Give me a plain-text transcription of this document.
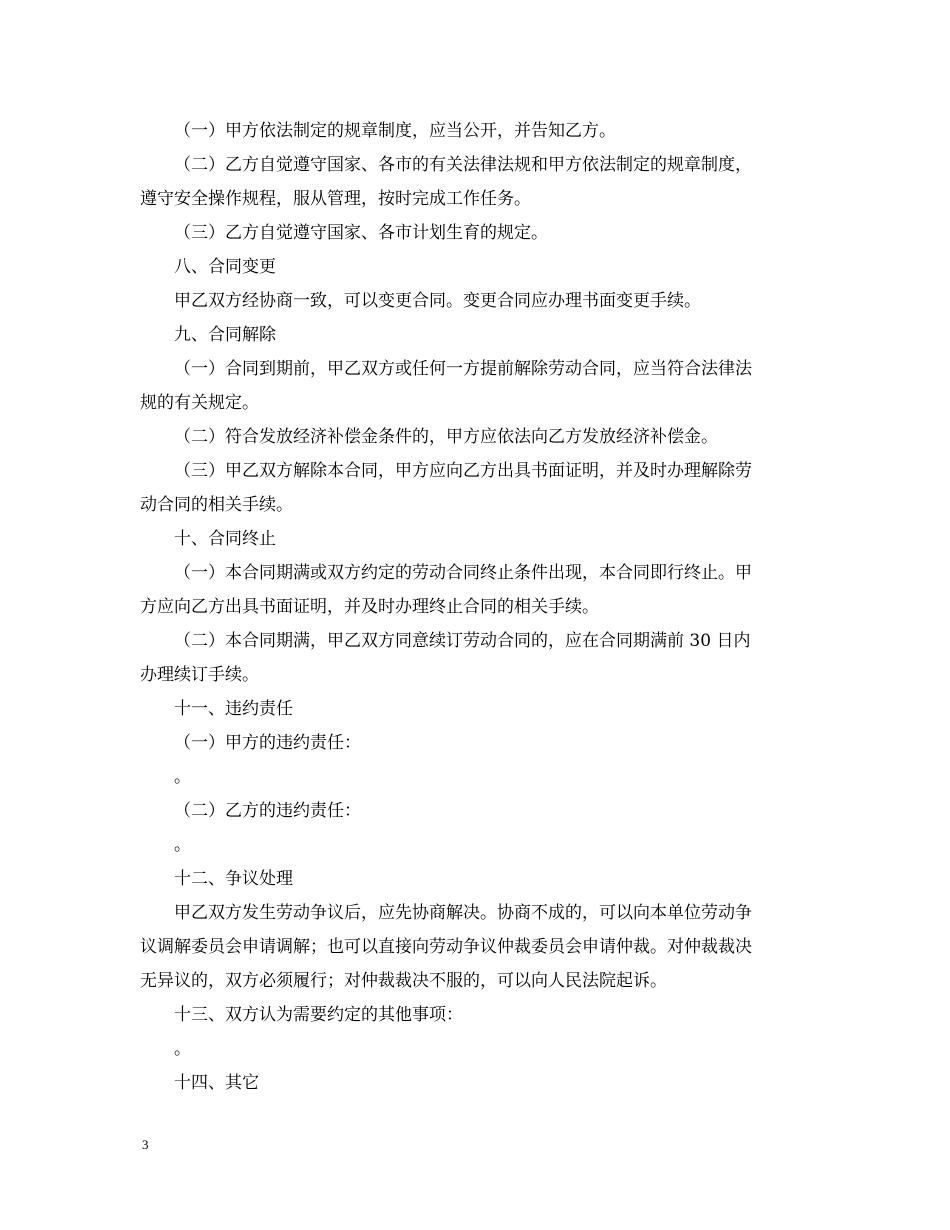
（一）甲方依法制定的规章制度，应当公开，并告知乙方。
（二）乙方自觉遵守国家、各市的有关法律法规和甲方依法制定的规章制度，
遵守安全操作规程，服从管理，按时完成工作任务。
（三）乙方自觉遵守国家、各市计划生育的规定。
八、合同变更
甲乙双方经协商一致，可以变更合同。变更合同应办理书面变更手续。
九、合同解除
（一）合同到期前，甲乙双方或任何一方提前解除劳动合同，应当符合法律法
规的有关规定。
（二）符合发放经济补偿金条件的，甲方应依法向乙方发放经济补偿金。
（三）甲乙双方解除本合同，甲方应向乙方出具书面证明，并及时办理解除劳
动合同的相关手续。
十、合同终止
（一）本合同期满或双方约定的劳动合同终止条件出现，本合同即行终止。甲
方应向乙方出具书面证明，并及时办理终止合同的相关手续。
（二）本合同期满，甲乙双方同意续订劳动合同的，应在合同期满前 30 日内
办理续订手续。
十一、违约责任
（一）甲方的违约责任：
。
（二）乙方的违约责任：
。
十二、争议处理
甲乙双方发生劳动争议后，应先协商解决。协商不成的，可以向本单位劳动争
议调解委员会申请调解；也可以直接向劳动争议仲裁委员会申请仲裁。对仲裁裁决
无异议的，双方必须履行；对仲裁裁决不服的，可以向人民法院起诉。
十三、双方认为需要约定的其他事项：
。
十四、其它
3
